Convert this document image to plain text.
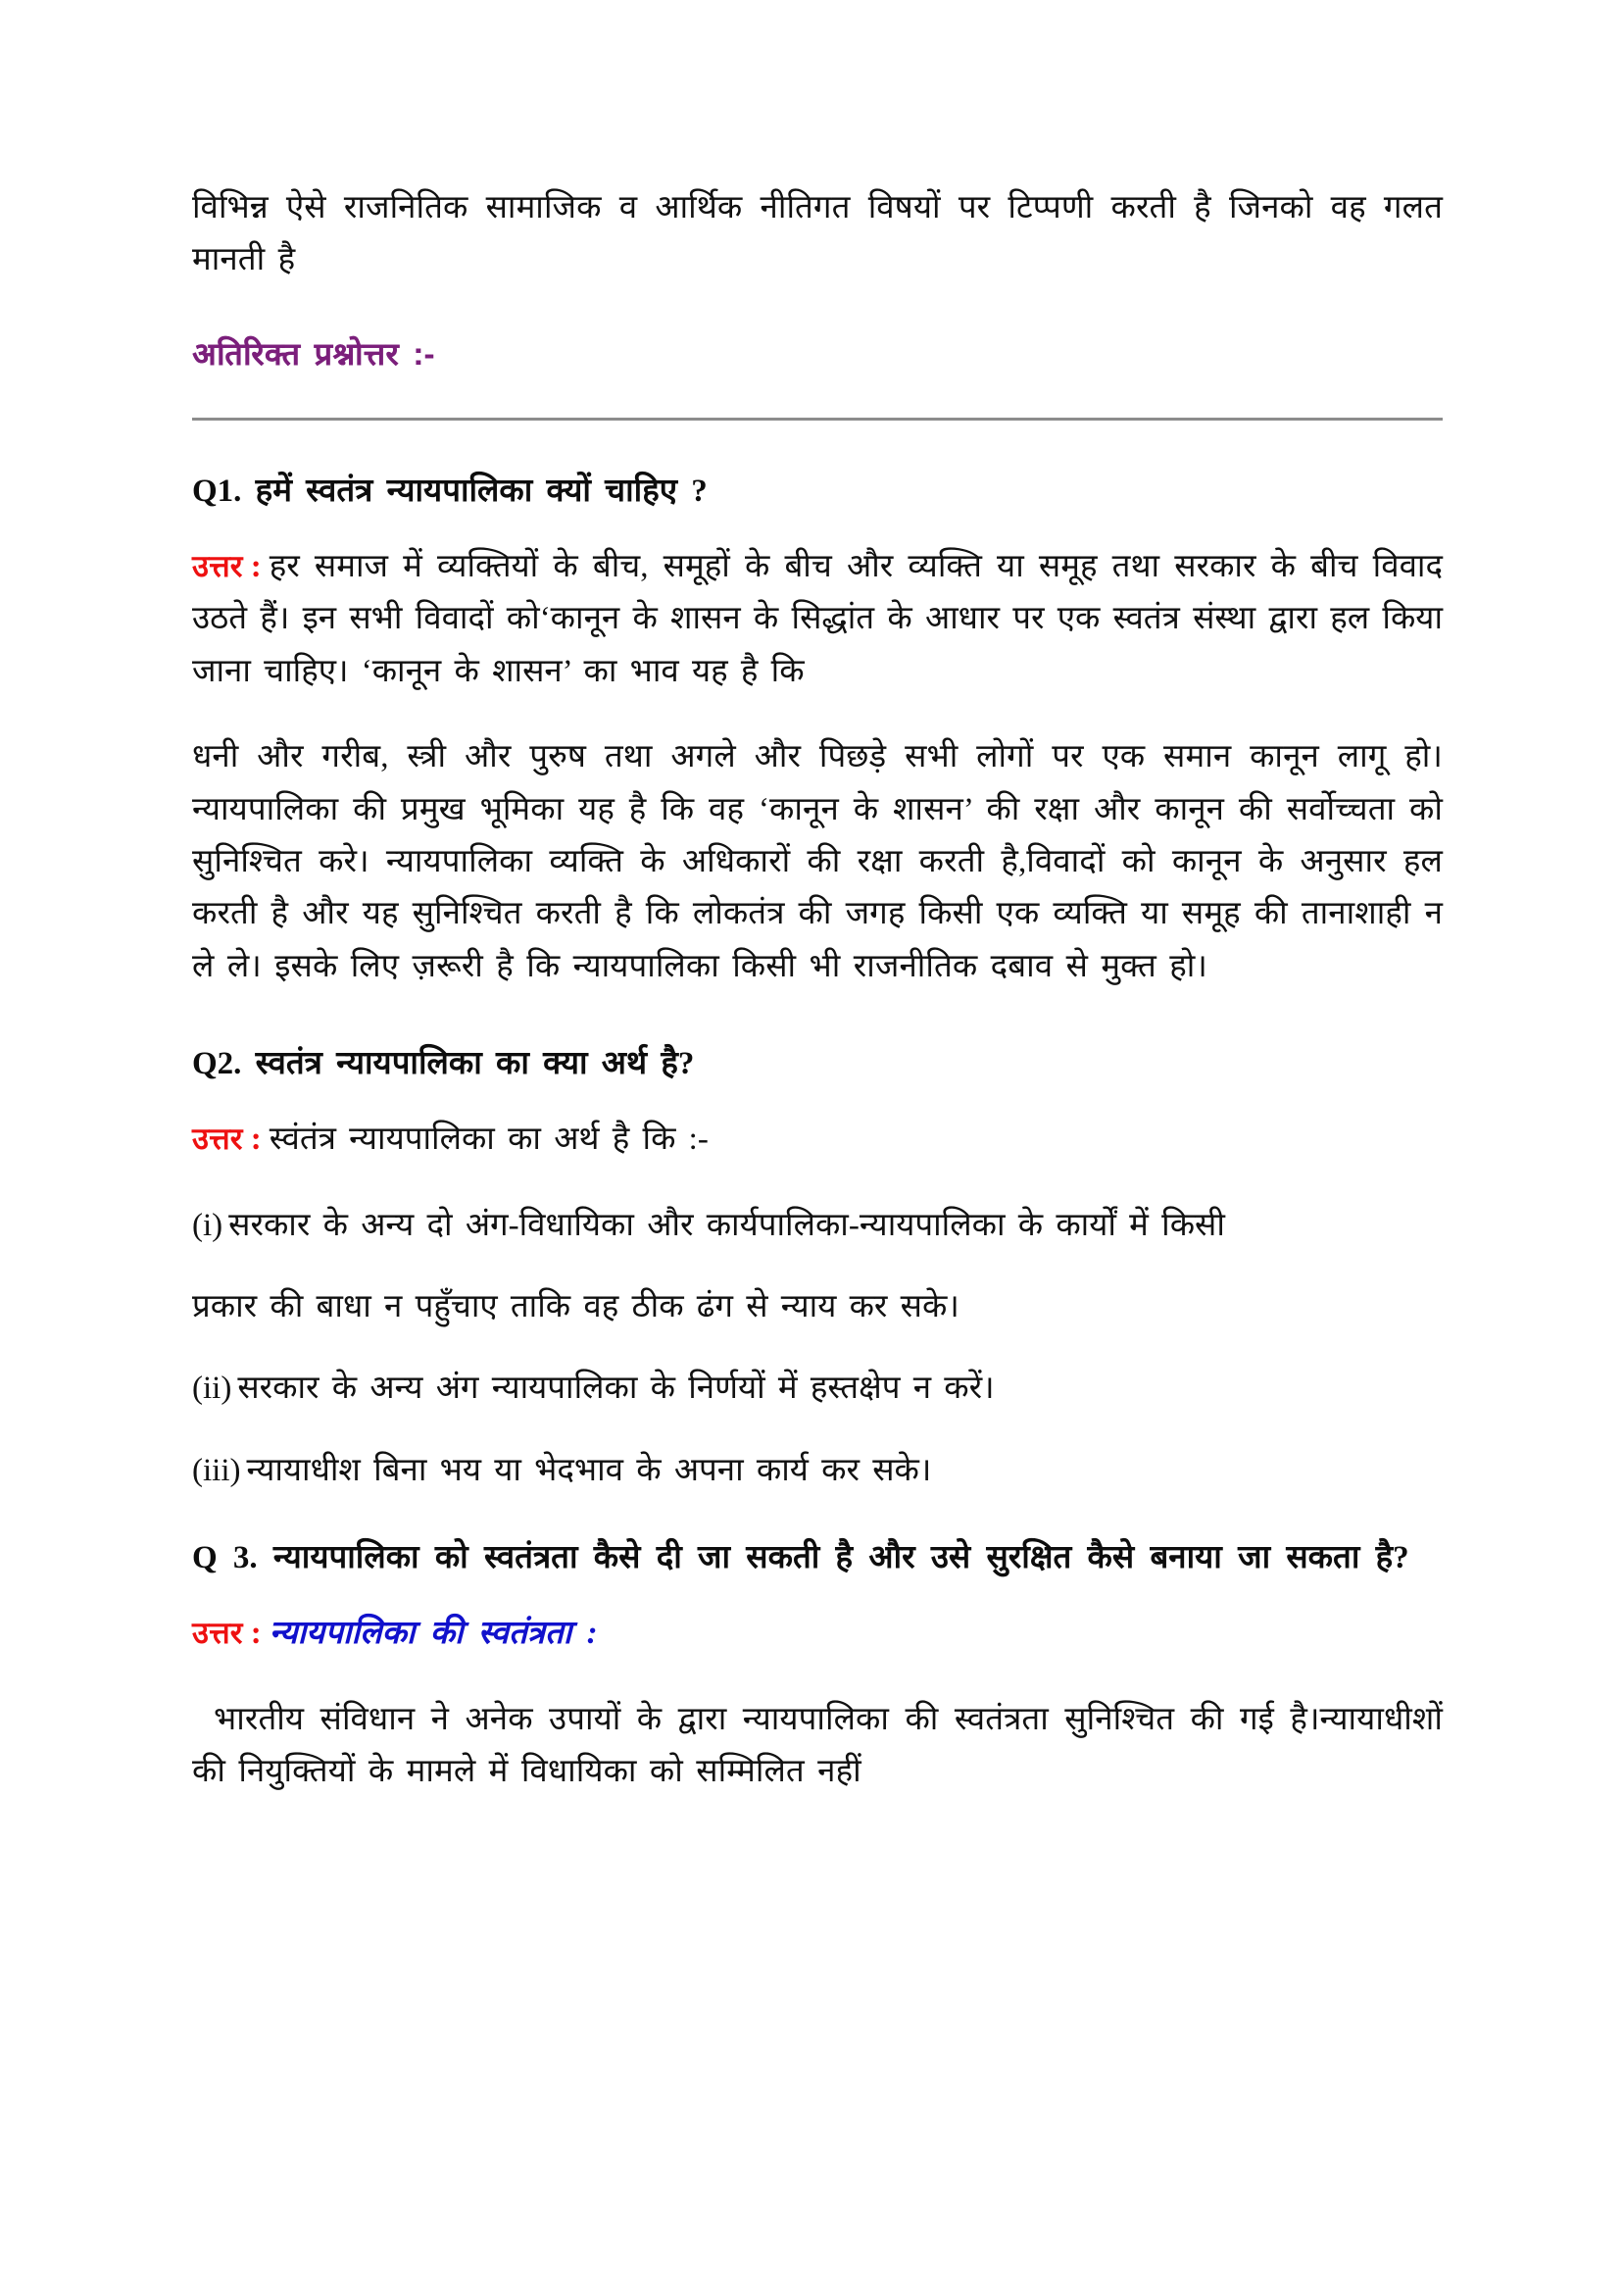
विभिन्न ऐसे राजनितिक सामाजिक व आर्थिक नीतिगत विषयों पर टिप्पणी करती है जिनको वह गलत मानती है

अतिरिक्त प्रश्नोत्तर :-
Q1. हमें स्वतंत्र न्यायपालिका क्यों चाहिए ?

उत्तर : हर समाज में व्यक्तियों के बीच, समूहों के बीच और व्यक्ति या समूह तथा सरकार के बीच विवाद उठते हैं। इन सभी विवादों को‘कानून के शासन के सिद्धांत के आधार पर एक स्वतंत्र संस्था द्वारा हल किया जाना चाहिए। ‘कानून के शासन’ का भाव यह है कि

धनी और गरीब, स्त्री और पुरुष तथा अगले और पिछड़े सभी लोगों पर एक समान कानून लागू हो। न्यायपालिका की प्रमुख भूमिका यह है कि वह ‘कानून के शासन’ की रक्षा और कानून की सर्वोच्चता को सुनिश्चित करे। न्यायपालिका व्यक्ति के अधिकारों की रक्षा करती है,विवादों को कानून के अनुसार हल करती है और यह सुनिश्चित करती है कि लोकतंत्र की जगह किसी एक व्यक्ति या समूह की तानाशाही न ले ले। इसके लिए ज़रूरी है कि न्यायपालिका किसी भी राजनीतिक दबाव से मुक्त हो।

Q2. स्वतंत्र न्यायपालिका का क्या अर्थ है?

उत्तर : स्वंतंत्र न्यायपालिका का अर्थ है कि :-

(i) सरकार के अन्य दो अंग-विधायिका और कार्यपालिका-न्यायपालिका के कार्यों में किसी

प्रकार की बाधा न पहुँचाए ताकि वह ठीक ढंग से न्याय कर सके।

(ii) सरकार के अन्य अंग न्यायपालिका के निर्णयों में हस्तक्षेप न करें।

(iii) न्यायाधीश बिना भय या भेदभाव के अपना कार्य कर सके।

Q 3. न्यायपालिका को स्वतंत्रता कैसे दी जा सकती है और उसे सुरक्षित कैसे बनाया जा सकता है?

उत्तर : न्यायपालिका की स्वतंत्रता :

भारतीय संविधान ने अनेक उपायों के द्वारा न्यायपालिका की स्वतंत्रता सुनिश्चित की गई है।न्यायाधीशों की नियुक्तियों के मामले में विधायिका को सम्मिलित नहीं
